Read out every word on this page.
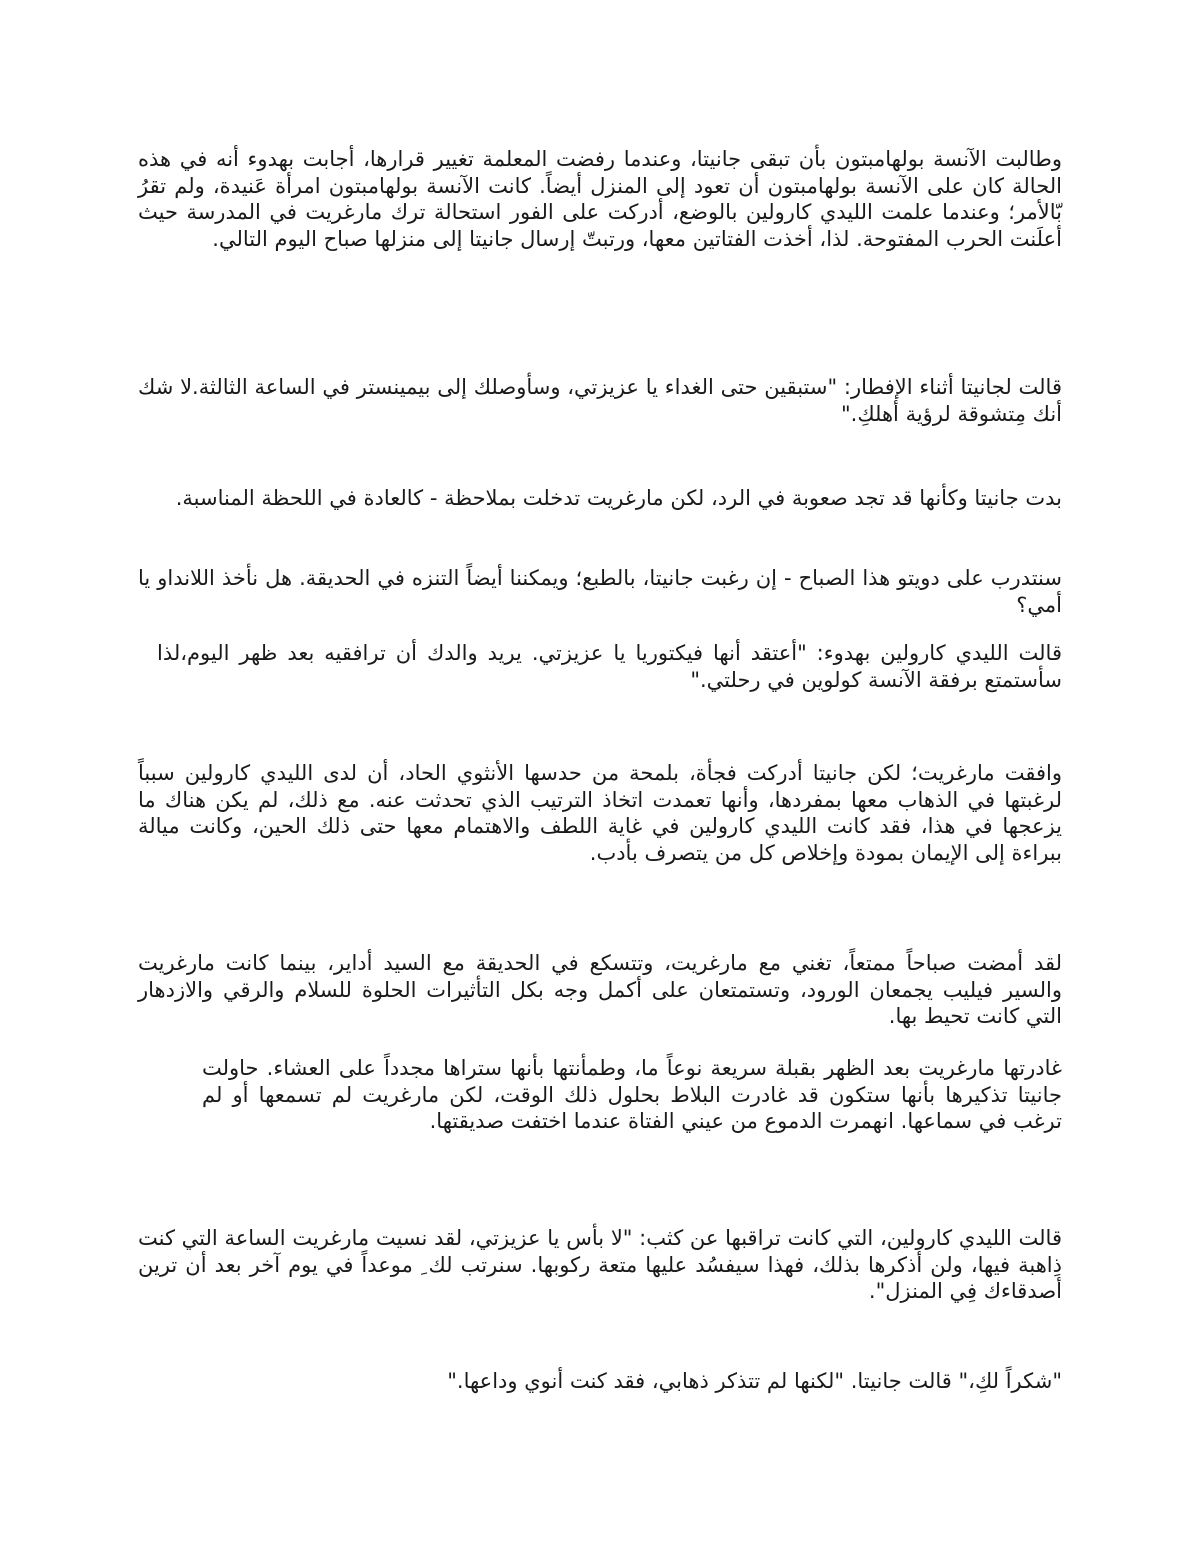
وطالبت الآنسة بولهامبتون بأن تبقى جانيتا، وعندما رفضت المعلمة تغيير قرارها، أجابت بهدوء أنه في هذه الحالة كان على الآنسة بولهامبتون أن تعود إلى المنزل أيضاً. كانت الآنسة بولهامبتون امرأة عَنيدة، ولم تقرُ بّالأمر؛ وعندما علمت الليدي كارولين بالوضع، أدركت على الفور استحالة ترك مارغريت في المدرسة حيث أعلَنت الحرب المفتوحة. لذا، أخذت الفتاتين معها، ورتبتّ إرسال جانيتا إلى منزلها صباح اليوم التالي.

قالت لجانيتا أثناء الإفطار: "ستبقين حتى الغداء يا عزيزتي، وسأوصلك إلى بيمينستر في الساعة الثالثة.لا شك أنك مِتشوقة لرؤية أهلكِ."

بدت جانيتا وكأنها قد تجد صعوبة في الرد، لكن مارغريت تدخلت بملاحظة - كالعادة في اللحظة المناسبة.

سنتدرب على دويتو هذا الصباح - إن رغبت جانيتا، بالطبع؛ ويمكننا أيضاً التنزه في الحديقة. هل نأخذ اللانداو يا أمي؟

قالت الليدي كارولين بهدوء: "أعتقد أنها فيكتوريا يا عزيزتي. يريد والدك أن ترافقيه بعد ظهر اليوم،لذا سأستمتع برفقة الآنسة كولوين في رحلتي."

وافقت مارغريت؛ لكن جانيتا أدركت فجأة، بلمحة من حدسها الأنثوي الحاد، أن لدى الليدي كارولين سبباً لرغبتها في الذهاب معها بمفردها، وأنها تعمدت اتخاذ الترتيب الذي تحدثت عنه. مع ذلك، لم يكن هناك ما يزعجها في هذا، فقد كانت الليدي كارولين في غاية اللطف والاهتمام معها حتى ذلك الحين، وكانت ميالة ببراءة إلى الإيمان بمودة وإخلاص كل من يتصرف بأدب.

لقد أمضت صباحاً ممتعاً، تغني مع مارغريت، وتتسكع في الحديقة مع السيد أداير، بينما كانت مارغريت والسير فيليب يجمعان الورود، وتستمتعان على أكمل وجه بكل التأثيرات الحلوة للسلام والرقي والازدهار التي كانت تحيط بها.

غادرتها مارغريت بعد الظهر بقبلة سريعة نوعاً ما، وطمأنتها بأنها ستراها مجدداً على العشاء. حاولت جانيتا تذكيرها بأنها ستكون قد غادرت البلاط بحلول ذلك الوقت، لكن مارغريت لم تسمعها أو لم ترغب في سماعها. انهمرت الدموع من عيني الفتاة عندما اختفت صديقتها.

قالت الليدي كارولين، التي كانت تراقبها عن كثب: "لا بأس يا عزيزتي، لقد نسيت مارغريت الساعة التي كنت ذِاهبة فيها، ولن أذكرها بذلك، فهذا سيفسُد عليها متعة ركوبها. سنرتب لك ِ موعداً في يوم آخر بعد أن ترين أصدقاءك فِي المنزل".

"شكراً لكِ،" قالت جانيتا. "لكنها لم تتذكر ذهابي، فقد كنت أنوي وداعها."
